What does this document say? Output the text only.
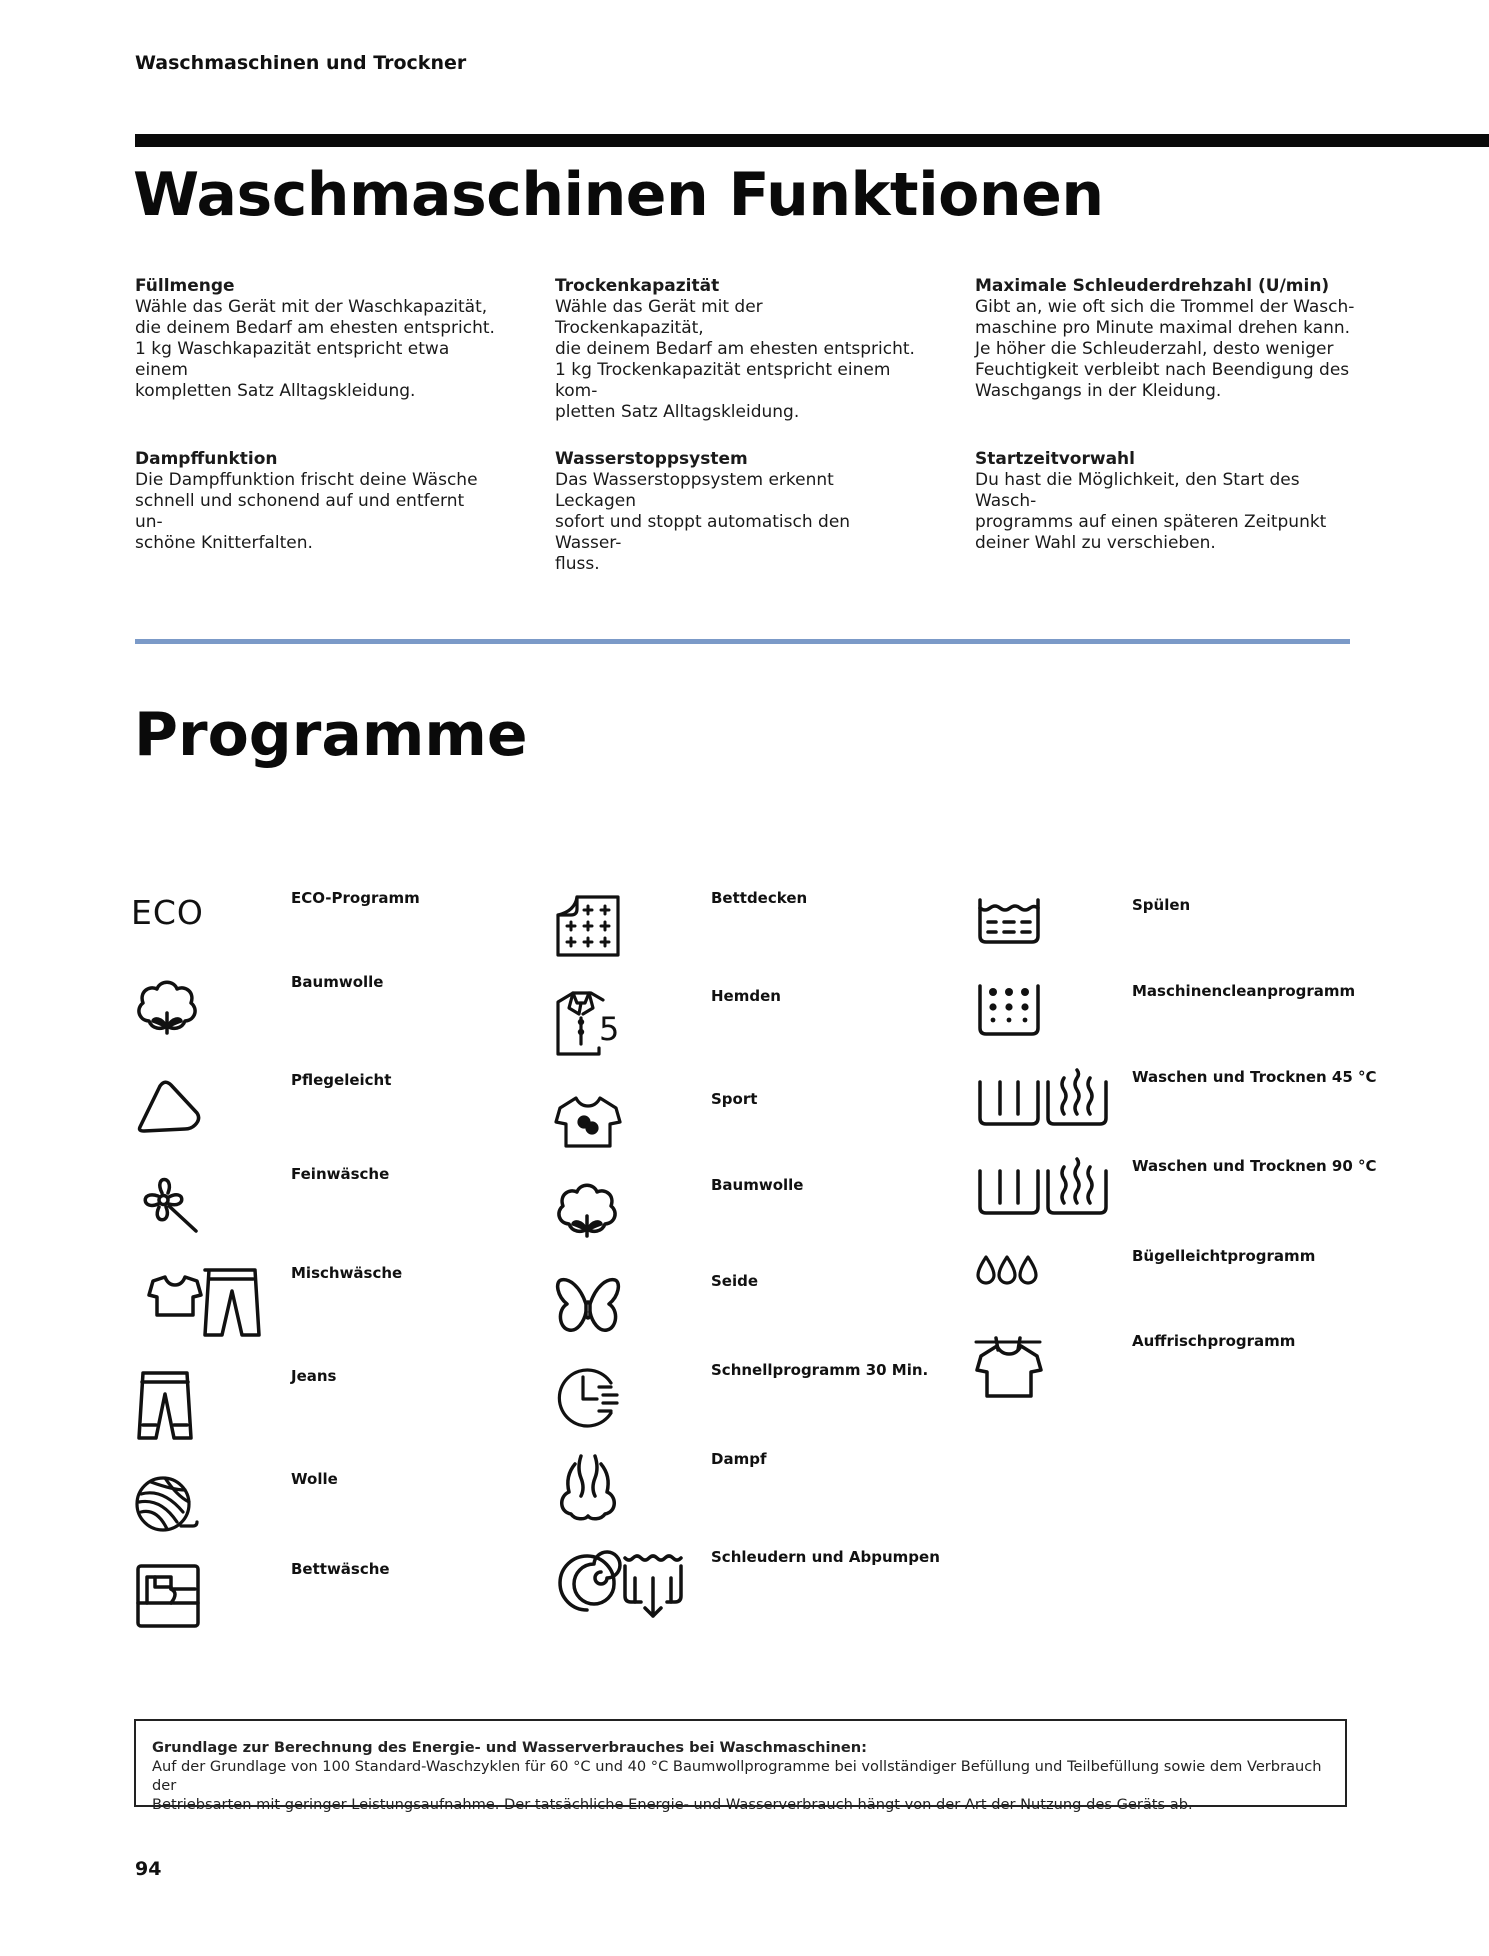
Waschmaschinen und Trockner
Waschmaschinen Funktionen
Füllmenge
Wähle das Gerät mit der Waschkapazität,
die deinem Bedarf am ehesten entspricht.
1 kg Waschkapazität entspricht etwa einem
kompletten Satz Alltagskleidung.
Trockenkapazität
Wähle das Gerät mit der Trockenkapazität,
die deinem Bedarf am ehesten entspricht.
1 kg Trockenkapazität entspricht einem kom-
pletten Satz Alltagskleidung.
Maximale Schleuderdrehzahl (U/min)
Gibt an, wie oft sich die Trommel der Wasch-
maschine pro Minute maximal drehen kann.
Je höher die Schleuderzahl, desto weniger
Feuchtigkeit verbleibt nach Beendigung des
Waschgangs in der Kleidung.
Dampffunktion
Die Dampffunktion frischt deine Wäsche
schnell und schonend auf und entfernt un-
schöne Knitterfalten.
Wasserstoppsystem
Das Wasserstoppsystem erkennt Leckagen
sofort und stoppt automatisch den Wasser-
fluss.
Startzeitvorwahl
Du hast die Möglichkeit, den Start des Wasch-
programms auf einen späteren Zeitpunkt
deiner Wahl zu verschieben.
Programme
ECO	ECO-Programm
Baumwolle
Pflegeleicht
Feinwäsche
Mischwäsche
Jeans
Wolle
Bettwäsche
Bettdecken
5
Hemden
Sport
Baumwolle
Seide
Schnellprogramm 30 Min.
Dampf
Schleudern und Abpumpen
Spülen
Maschinencleanprogramm
Waschen und Trocknen 45 °C
Waschen und Trocknen 90 °C
Bügelleichtprogramm
Auffrischprogramm
Grundlage zur Berechnung des Energie- und Wasserverbrauches bei Waschmaschinen:
Auf der Grundlage von 100 Standard-Waschzyklen für 60 °C und 40 °C Baumwollprogramme bei vollständiger Befüllung und Teilbefüllung sowie dem Verbrauch der
Betriebsarten mit geringer Leistungsaufnahme. Der tatsächliche Energie- und Wasserverbrauch hängt von der Art der Nutzung des Geräts ab.
94
